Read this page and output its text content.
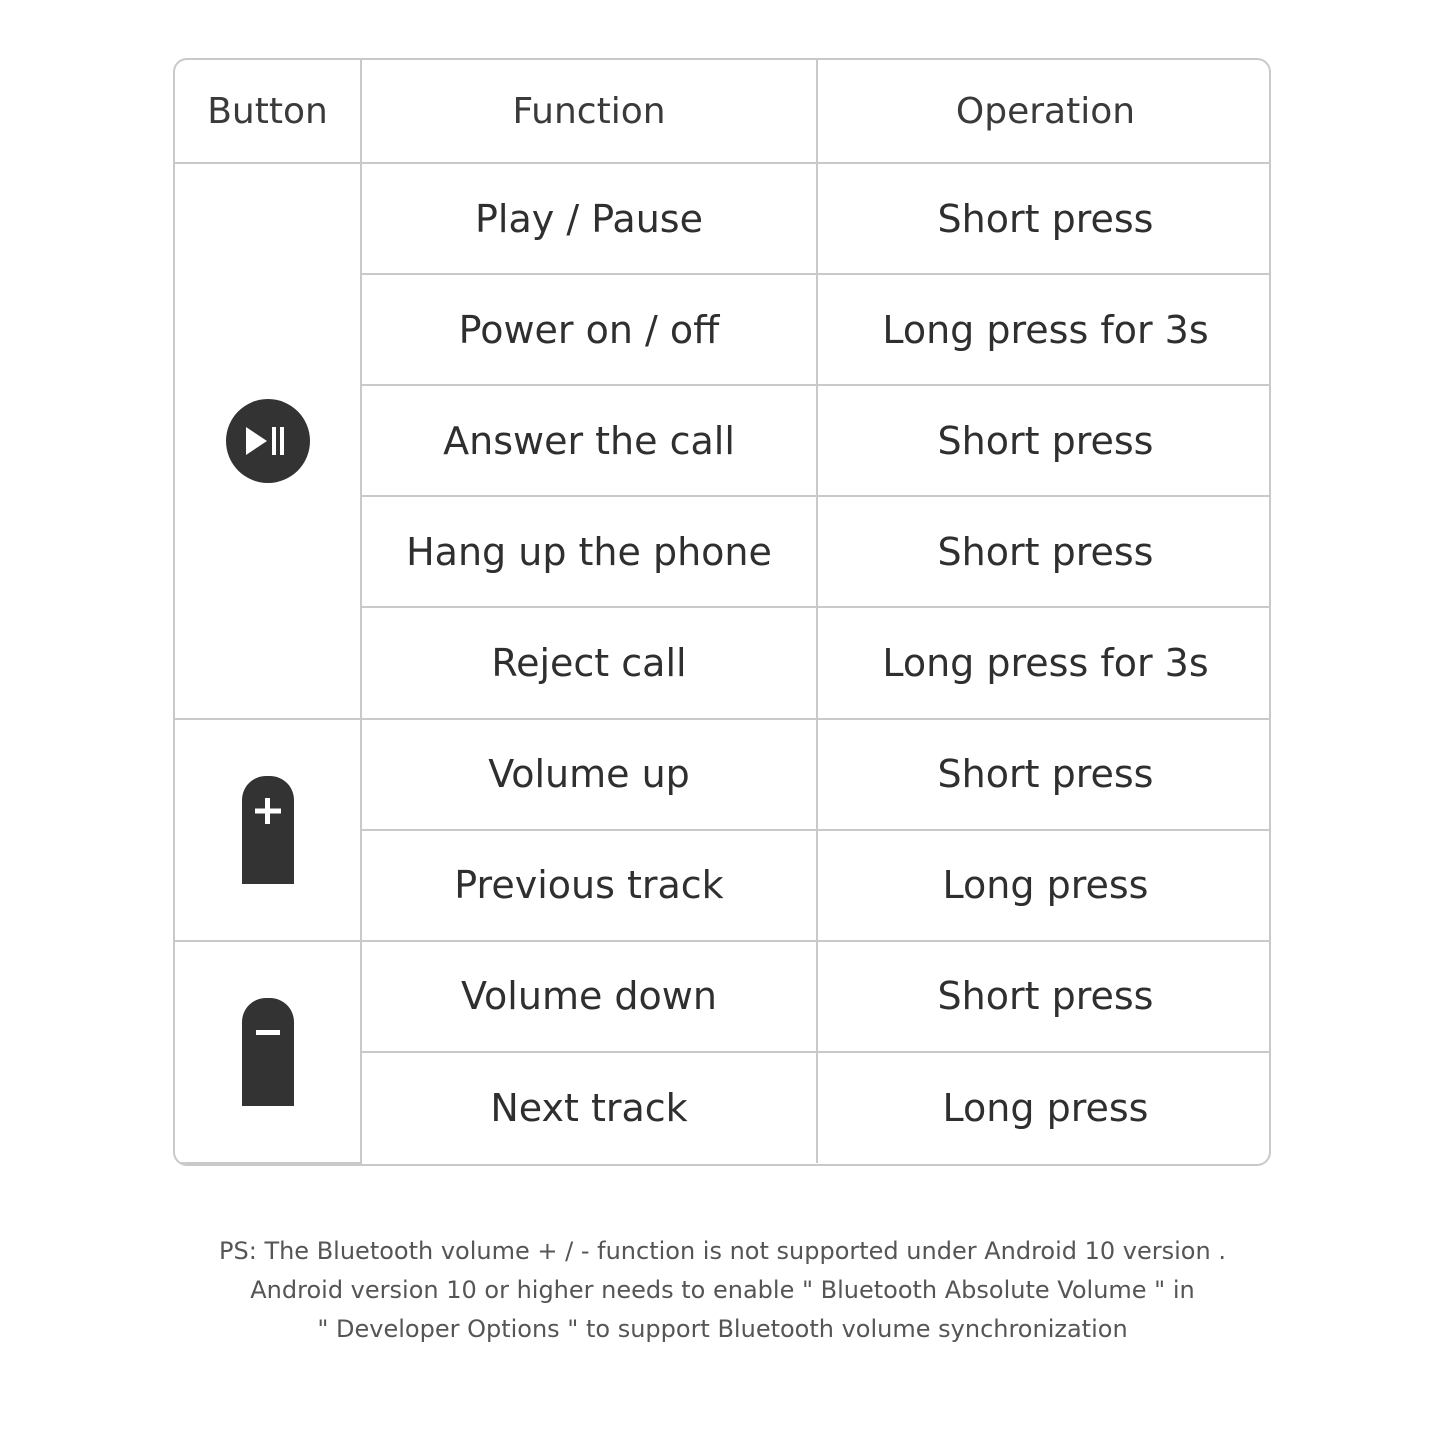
Button	Function	Operation
	Play / Pause	Short press
	Power on / off	Long press for 3s
	Answer the call	Short press
	Hang up the phone	Short press
	Reject call	Long press for 3s
	Volume up	Short press
	Previous track	Long press
	Volume down	Short press
	Next track	Long press
PS: The Bluetooth volume + / - function is not supported under Android 10 version .
Android version 10 or higher needs to enable " Bluetooth Absolute Volume " in
" Developer Options " to support Bluetooth volume synchronization
